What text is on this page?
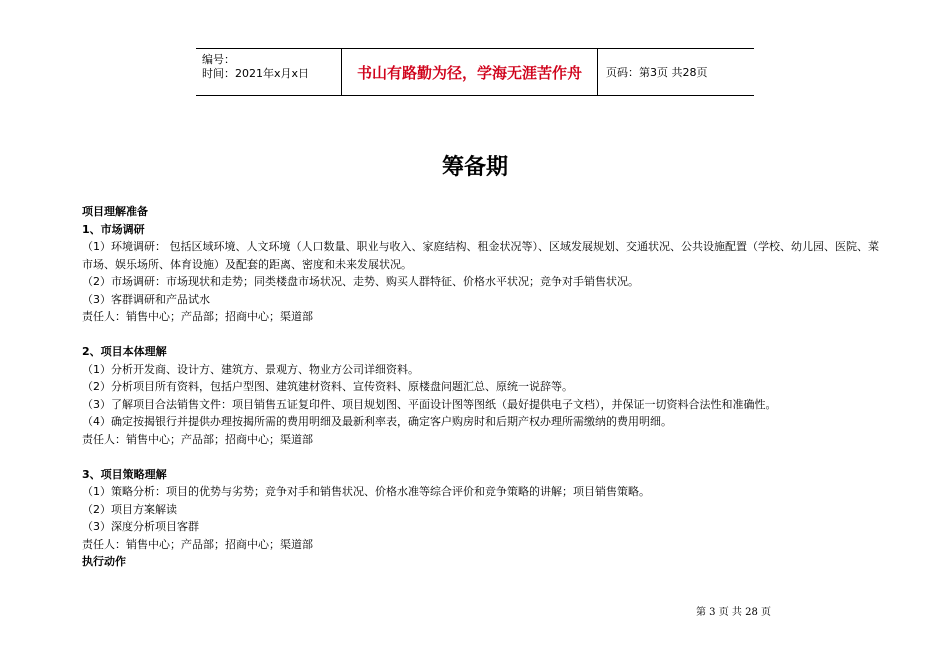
编号：
时间：2021年x月x日	书山有路勤为径，学海无涯苦作舟	页码：第3页 共28页
筹备期
项目理解准备
1、市场调研
（1）环境调研： 包括区域环境、人文环境（人口数量、职业与收入、家庭结构、租金状况等）、区域发展规划、交通状况、公共设施配置（学校、幼儿园、医院、菜市场、娱乐场所、体育设施）及配套的距离、密度和未来发展状况。
（2）市场调研：市场现状和走势；同类楼盘市场状况、走势、购买人群特征、价格水平状况；竞争对手销售状况。
（3）客群调研和产品试水
责任人：销售中心；产品部；招商中心；渠道部
2、项目本体理解
（1）分析开发商、设计方、建筑方、景观方、物业方公司详细资料。
（2）分析项目所有资料，包括户型图、建筑建材资料、宣传资料、原楼盘问题汇总、原统一说辞等。
（3）了解项目合法销售文件：项目销售五证复印件、项目规划图、平面设计图等图纸（最好提供电子文档），并保证一切资料合法性和准确性。
（4）确定按揭银行并提供办理按揭所需的费用明细及最新利率表，确定客户购房时和后期产权办理所需缴纳的费用明细。
责任人：销售中心；产品部；招商中心；渠道部
3、项目策略理解
（1）策略分析：项目的优势与劣势；竞争对手和销售状况、价格水准等综合评价和竞争策略的讲解；项目销售策略。
（2）项目方案解读
（3）深度分析项目客群
责任人：销售中心；产品部；招商中心；渠道部
执行动作
第 3 页 共 28 页
